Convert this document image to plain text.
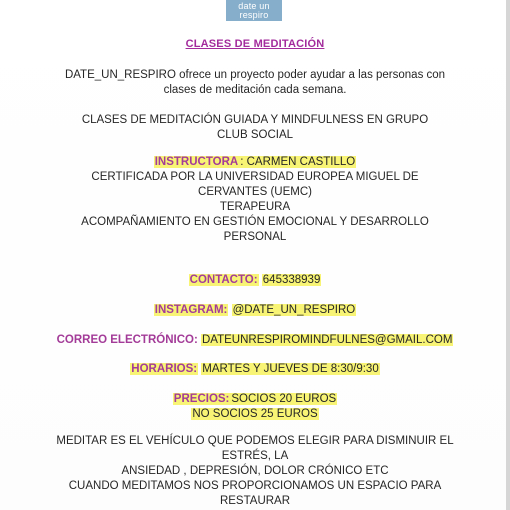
date un respiro
mindfulness
CLASES DE MEDITACIÓN
DATE_UN_RESPIRO ofrece un proyecto poder ayudar a las personas con
clases de meditación cada semana.
CLASES DE MEDITACIÓN GUIADA Y MINDFULNESS EN GRUPO
CLUB SOCIAL
INSTRUCTORA : CARMEN CASTILLO
CERTIFICADA POR LA UNIVERSIDAD EUROPEA MIGUEL DE
CERVANTES (UEMC)
TERAPEURA
ACOMPAÑAMIENTO EN GESTIÓN EMOCIONAL Y DESARROLLO
PERSONAL
CONTACTO: 645338939
INSTAGRAM: @DATE_UN_RESPIRO
CORREO ELECTRÓNICO: DATEUNRESPIROMINDFULNES@GMAIL.COM
HORARIOS: MARTES Y JUEVES DE 8:30/9:30
PRECIOS: SOCIOS 20 EUROS
NO SOCIOS 25 EUROS
MEDITAR ES EL VEHÍCULO QUE PODEMOS ELEGIR PARA DISMINUIR EL
ESTRÉS, LA
ANSIEDAD , DEPRESIÓN, DOLOR CRÓNICO ETC
CUANDO MEDITAMOS NOS PROPORCIONAMOS UN ESPACIO PARA
RESTAURAR
